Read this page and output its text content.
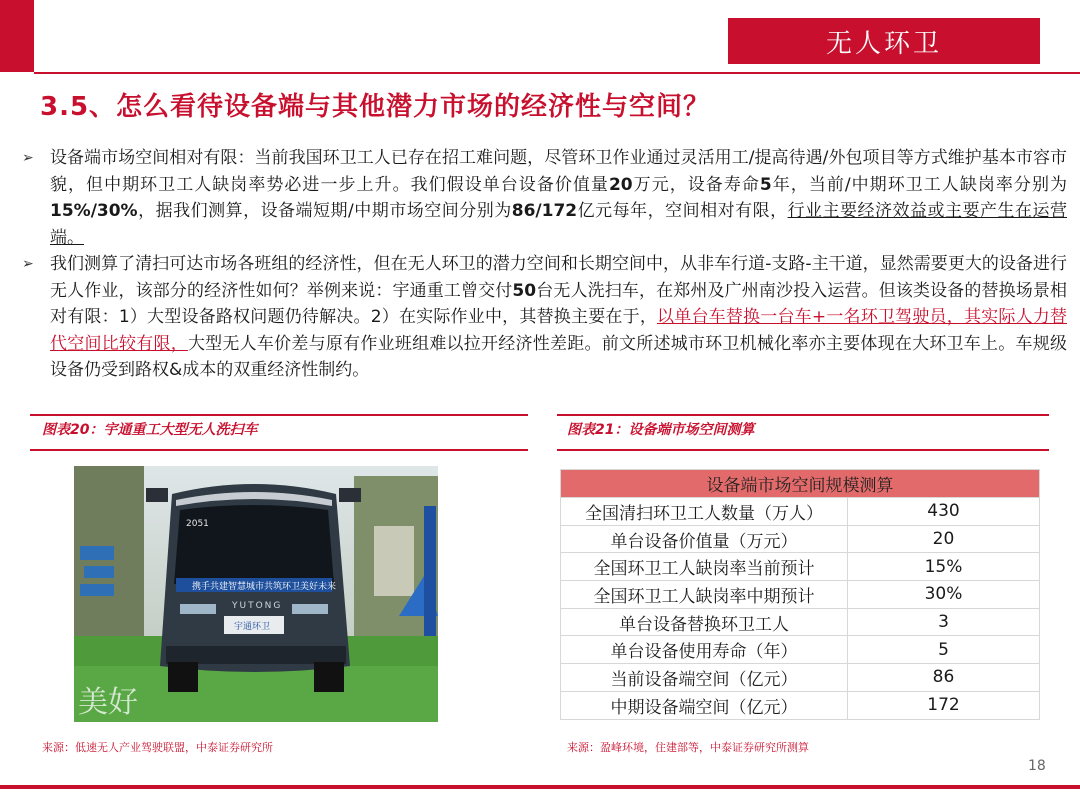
无人环卫
3.5、怎么看待设备端与其他潜力市场的经济性与空间？
➢ 设备端市场空间相对有限：当前我国环卫工人已存在招工难问题，尽管环卫作业通过灵活用工/提高待遇/外包项目等方式维护基本市容市貌，但中期环卫工人缺岗率势必进一步上升。我们假设单台设备价值量20万元，设备寿命5年，当前/中期环卫工人缺岗率分别为15%/30%，据我们测算，设备端短期/中期市场空间分别为86/172亿元每年，空间相对有限，行业主要经济效益或主要产生在运营端。
➢ 我们测算了清扫可达市场各班组的经济性，但在无人环卫的潜力空间和长期空间中，从非车行道-支路-主干道，显然需要更大的设备进行无人作业，该部分的经济性如何？举例来说：宇通重工曾交付50台无人洗扫车，在郑州及广州南沙投入运营。但该类设备的替换场景相对有限：1）大型设备路权问题仍待解决。2）在实际作业中，其替换主要在于，以单台车替换一台车+一名环卫驾驶员，其实际人力替代空间比较有限，大型无人车价差与原有作业班组难以拉开经济性差距。前文所述城市环卫机械化率亦主要体现在大环卫车上。车规级设备仍受到路权&成本的双重经济性制约。
图表20：宇通重工大型无人洗扫车
携手共建智慧城市 共筑环卫美好未来
2051
YUTONG
宇通环卫
美好
来源：低速无人产业驾驶联盟，中泰证券研究所
图表21：设备端市场空间测算
设备端市场空间规模测算	
全国清扫环卫工人数量（万人）	430
单台设备价值量（万元）	20
全国环卫工人缺岗率当前预计	15%
全国环卫工人缺岗率中期预计	30%
单台设备替换环卫工人	3
单台设备使用寿命（年）	5
当前设备端空间（亿元）	86
中期设备端空间（亿元）	172
来源：盈峰环境，住建部等，中泰证券研究所测算
18
